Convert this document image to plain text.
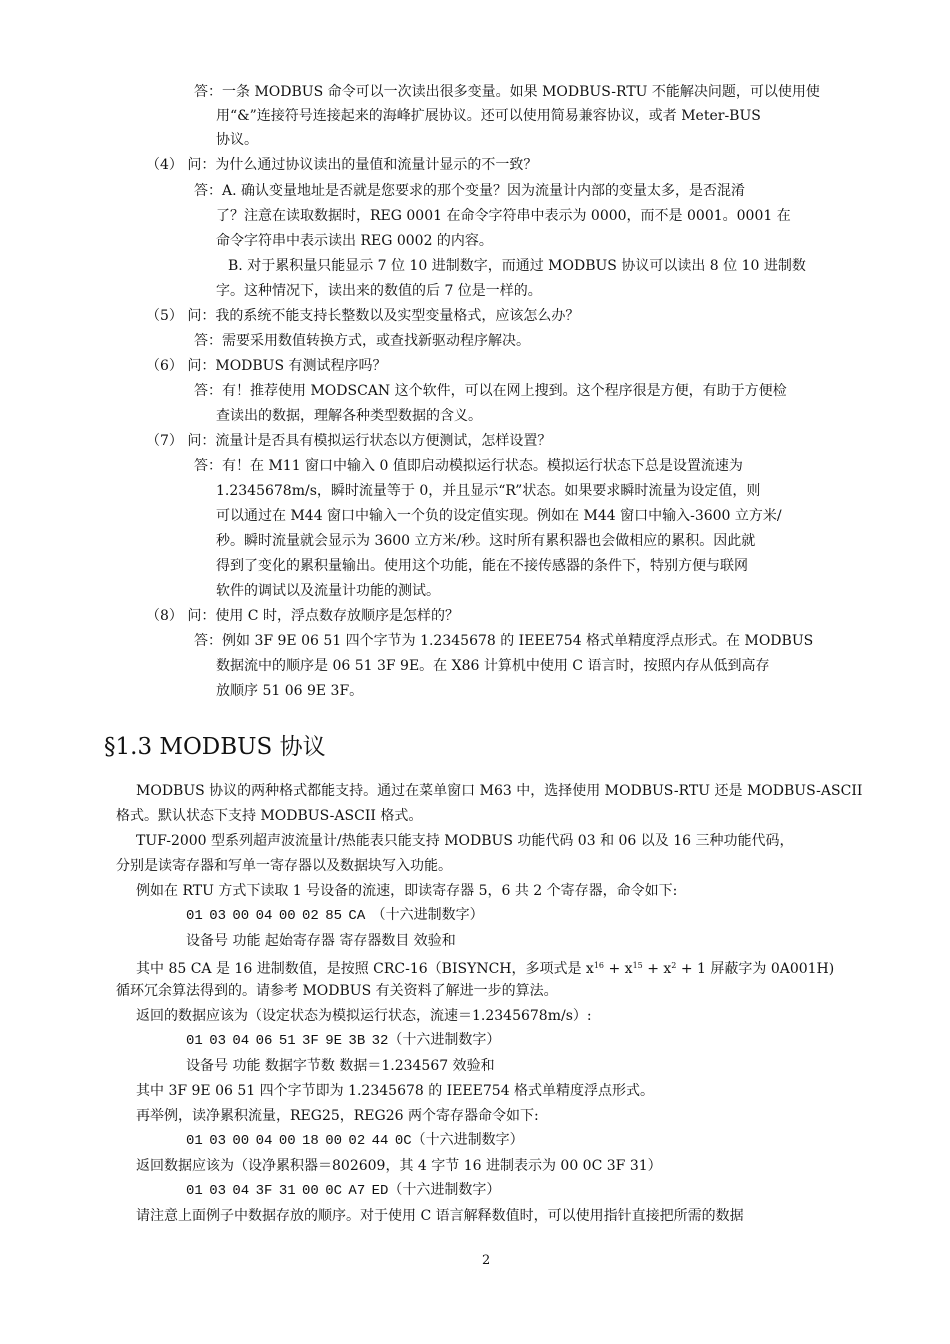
答：一条 MODBUS 命令可以一次读出很多变量。如果 MODBUS-RTU 不能解决问题，可以使用使
用“&”连接符号连接起来的海峰扩展协议。还可以使用简易兼容协议，或者 Meter-BUS
协议。
（4） 问：为什么通过协议读出的量值和流量计显示的不一致？
答：A. 确认变量地址是否就是您要求的那个变量？因为流量计内部的变量太多，是否混淆
了？注意在读取数据时，REG 0001 在命令字符串中表示为 0000，而不是 0001。0001 在
命令字符串中表示读出 REG 0002 的内容。
B. 对于累积量只能显示 7 位 10 进制数字，而通过 MODBUS 协议可以读出 8 位 10 进制数
字。这种情况下，读出来的数值的后 7 位是一样的。
（5） 问：我的系统不能支持长整数以及实型变量格式，应该怎么办？
答：需要采用数值转换方式，或查找新驱动程序解决。
（6） 问：MODBUS 有测试程序吗？
答：有！推荐使用 MODSCAN 这个软件，可以在网上搜到。这个程序很是方便，有助于方便检
查读出的数据，理解各种类型数据的含义。
（7） 问：流量计是否具有模拟运行状态以方便测试，怎样设置？
答：有！在 M11 窗口中输入 0 值即启动模拟运行状态。模拟运行状态下总是设置流速为
1.2345678m/s，瞬时流量等于 0，并且显示“R”状态。如果要求瞬时流量为设定值，则
可以通过在 M44 窗口中输入一个负的设定值实现。例如在 M44 窗口中输入-3600 立方米/
秒。瞬时流量就会显示为 3600 立方米/秒。这时所有累积器也会做相应的累积。因此就
得到了变化的累积量输出。使用这个功能，能在不接传感器的条件下，特别方便与联网
软件的调试以及流量计功能的测试。
（8） 问：使用 C 时，浮点数存放顺序是怎样的？
答：例如 3F 9E 06 51 四个字节为 1.2345678 的 IEEE754 格式单精度浮点形式。在 MODBUS
数据流中的顺序是 06 51 3F 9E。在 X86 计算机中使用 C 语言时，按照内存从低到高存
放顺序 51 06 9E 3F。
§1.3 MODBUS 协议
MODBUS 协议的两种格式都能支持。通过在菜单窗口 M63 中，选择使用 MODBUS-RTU 还是 MODBUS-ASCII
格式。默认状态下支持 MODBUS-ASCII 格式。
TUF-2000 型系列超声波流量计/热能表只能支持 MODBUS 功能代码 03 和 06 以及 16 三种功能代码，
分别是读寄存器和写单一寄存器以及数据块写入功能。
例如在 RTU 方式下读取 1 号设备的流速，即读寄存器 5，6 共 2 个寄存器，命令如下:
01 03 00 04 00 02 85 CA （十六进制数字）
设备号 功能 起始寄存器 寄存器数目 效验和
其中 85 CA 是 16 进制数值，是按照 CRC-16（BISYNCH，多项式是 $x^{16} + x^{15} + x^2 + 1$ 屏蔽字为 0A001H)
循环冗余算法得到的。请参考 MODBUS 有关资料了解进一步的算法。
返回的数据应该为（设定状态为模拟运行状态，流速＝1.2345678m/s）:
01 03 04 06 51 3F 9E 3B 32（十六进制数字）
设备号 功能 数据字节数 数据＝1.234567 效验和
其中 3F 9E 06 51 四个字节即为 1.2345678 的 IEEE754 格式单精度浮点形式。
再举例，读净累积流量，REG25，REG26 两个寄存器命令如下:
01 03 00 04 00 18 00 02 44 0C（十六进制数字）
返回数据应该为（设净累积器＝802609，其 4 字节 16 进制表示为 00 0C 3F 31）
01 03 04 3F 31 00 0C A7 ED（十六进制数字）
请注意上面例子中数据存放的顺序。对于使用 C 语言解释数值时，可以使用指针直接把所需的数据
2
